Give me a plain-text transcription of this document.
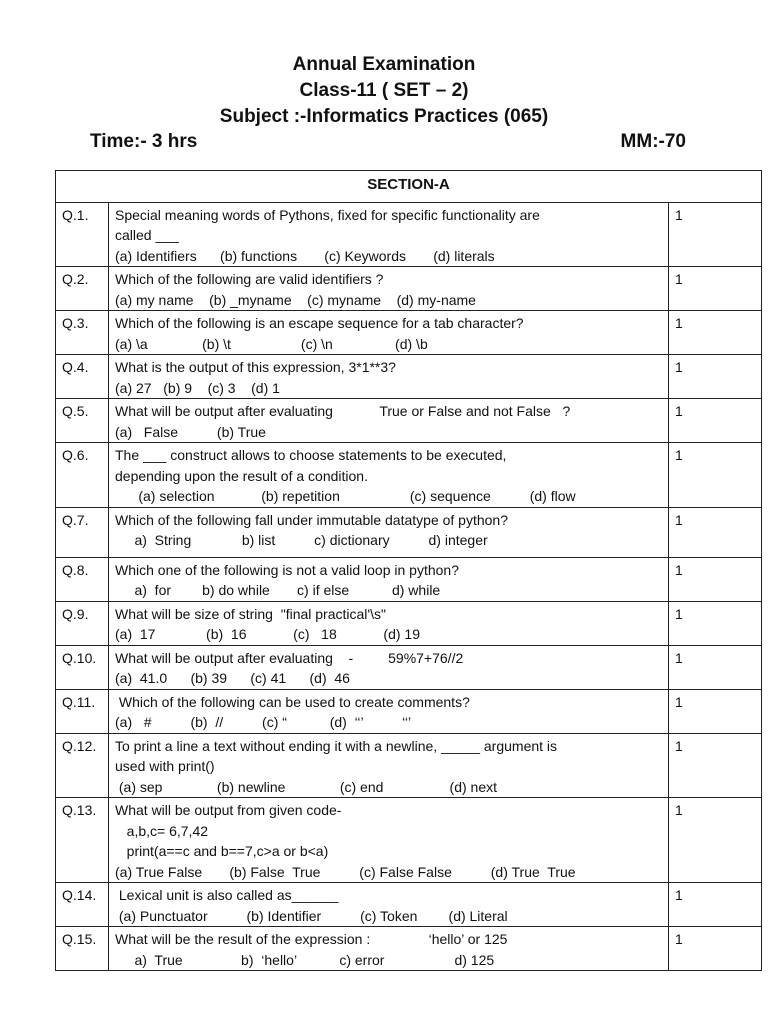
Annual Examination
Class-11 ( SET – 2)
Subject :-Informatics Practices (065)
Time:- 3 hrs	MM:-70
SECTION-A		
Q.1.	Special meaning words of Pythons, fixed for specific functionality are
called ___
(a) Identifiers      (b) functions       (c) Keywords       (d) literals	1
Q.2.	Which of the following are valid identifiers ?
(a) my name    (b) _myname    (c) myname    (d) my-name	1
Q.3.	Which of the following is an escape sequence for a tab character?
(a) \a              (b) \t                  (c) \n                (d) \b	1
Q.4.	What is the output of this expression, 3*1**3?
(a) 27   (b) 9    (c) 3    (d) 1	1
Q.5.	What will be output after evaluating            True or False and not False   ?
(a)   False          (b) True	1
Q.6.	The ___ construct allows to choose statements to be executed,
depending upon the result of a condition.
(a) selection            (b) repetition                  (c) sequence          (d) flow	1
Q.7.	Which of the following fall under immutable datatype of python?
a)  String             b) list          c) dictionary          d) integer	1
Q.8.	Which one of the following is not a valid loop in python?
a)  for        b) do while       c) if else           d) while	1
Q.9.	What will be size of string  "final practical'\s"
(a)  17             (b)  16            (c)   18            (d) 19	1
Q.10.	What will be output after evaluating    -         59%7+76//2
(a)  41.0      (b) 39      (c) 41      (d)  46	1
Q.11.	Which of the following can be used to create comments?
(a)   #          (b)  //          (c) “           (d)  ‘‘’          ‘‘’	1
Q.12.	To print a line a text without ending it with a newline, _____ argument is
used with print()
(a) sep              (b) newline              (c) end                 (d) next	1
Q.13.	What will be output from given code-
a,b,c= 6,7,42
print(a==c and b==7,c>a or b<a)
(a) True False       (b) False  True          (c) False False          (d) True  True	1
Q.14.	Lexical unit is also called as______
(a) Punctuator          (b) Identifier          (c) Token        (d) Literal	1
Q.15.	What will be the result of the expression :               ‘hello’ or 125
a)  True               b)  ‘hello’           c) error                  d) 125	1
